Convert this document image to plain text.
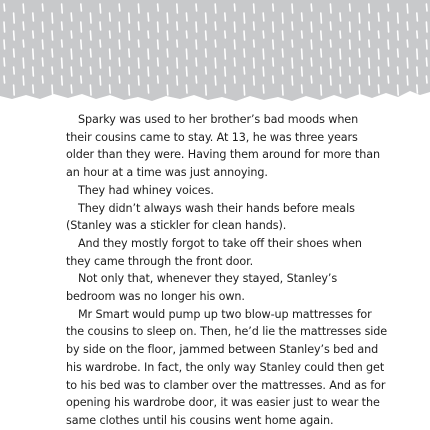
Sparky was used to her brother’s bad moods when
their cousins came to stay. At 13, he was three years
older than they were. Having them around for more than
an hour at a time was just annoying.

They had whiney voices.

They didn’t always wash their hands before meals
(Stanley was a stickler for clean hands).

And they mostly forgot to take off their shoes when
they came through the front door.

Not only that, whenever they stayed, Stanley’s
bedroom was no longer his own.

Mr Smart would pump up two blow-up mattresses for
the cousins to sleep on. Then, he’d lie the mattresses side
by side on the floor, jammed between Stanley’s bed and
his wardrobe. In fact, the only way Stanley could then get
to his bed was to clamber over the mattresses. And as for
opening his wardrobe door, it was easier just to wear the
same clothes until his cousins went home again.
